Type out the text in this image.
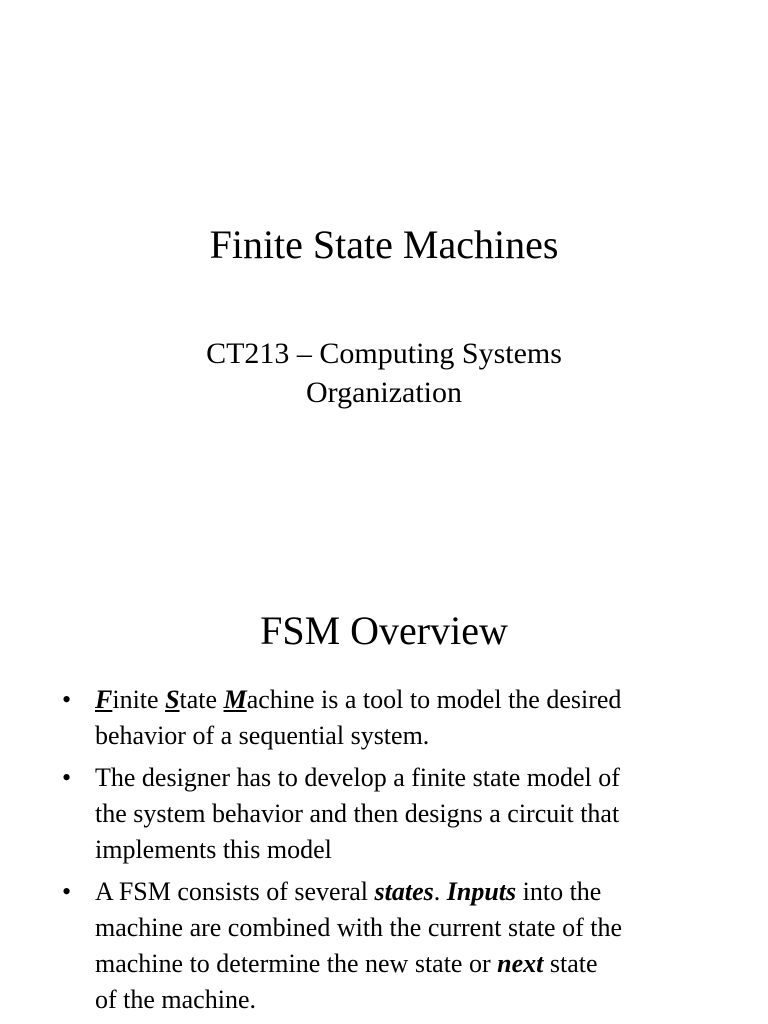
Finite State Machines
CT213 – Computing Systems
Organization
FSM Overview
• Finite State Machine is a tool to model the desired
behavior of a sequential system.
• The designer has to develop a finite state model of
the system behavior and then designs a circuit that
implements this model
• A FSM consists of several states. Inputs into the
machine are combined with the current state of the
machine to determine the new state or next state
of the machine.
